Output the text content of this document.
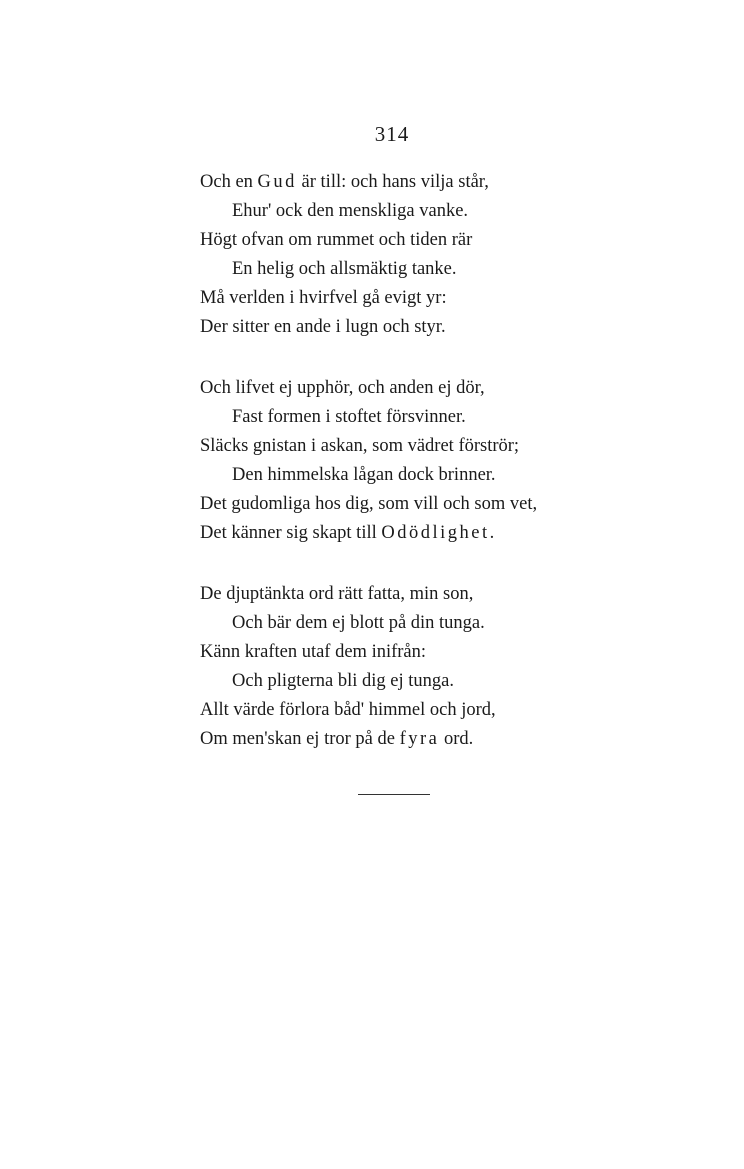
314
Och en Gud är till: och hans vilja står,
Ehur' ock den menskliga vanke.
Högt ofvan om rummet och tiden rär
En helig och allsmäktig tanke.
Må verlden i hvirfvel gå evigt yr:
Der sitter en ande i lugn och styr.
Och lifvet ej upphör, och anden ej dör,
Fast formen i stoftet försvinner.
Släcks gnistan i askan, som vädret förströr;
Den himmelska lågan dock brinner.
Det gudomliga hos dig, som vill och som vet,
Det känner sig skapt till Odödlighet.
De djuptänkta ord rätt fatta, min son,
Och bär dem ej blott på din tunga.
Känn kraften utaf dem inifrån:
Och pligterna bli dig ej tunga.
Allt värde förlora båd' himmel och jord,
Om men'skan ej tror på de fyra ord.
